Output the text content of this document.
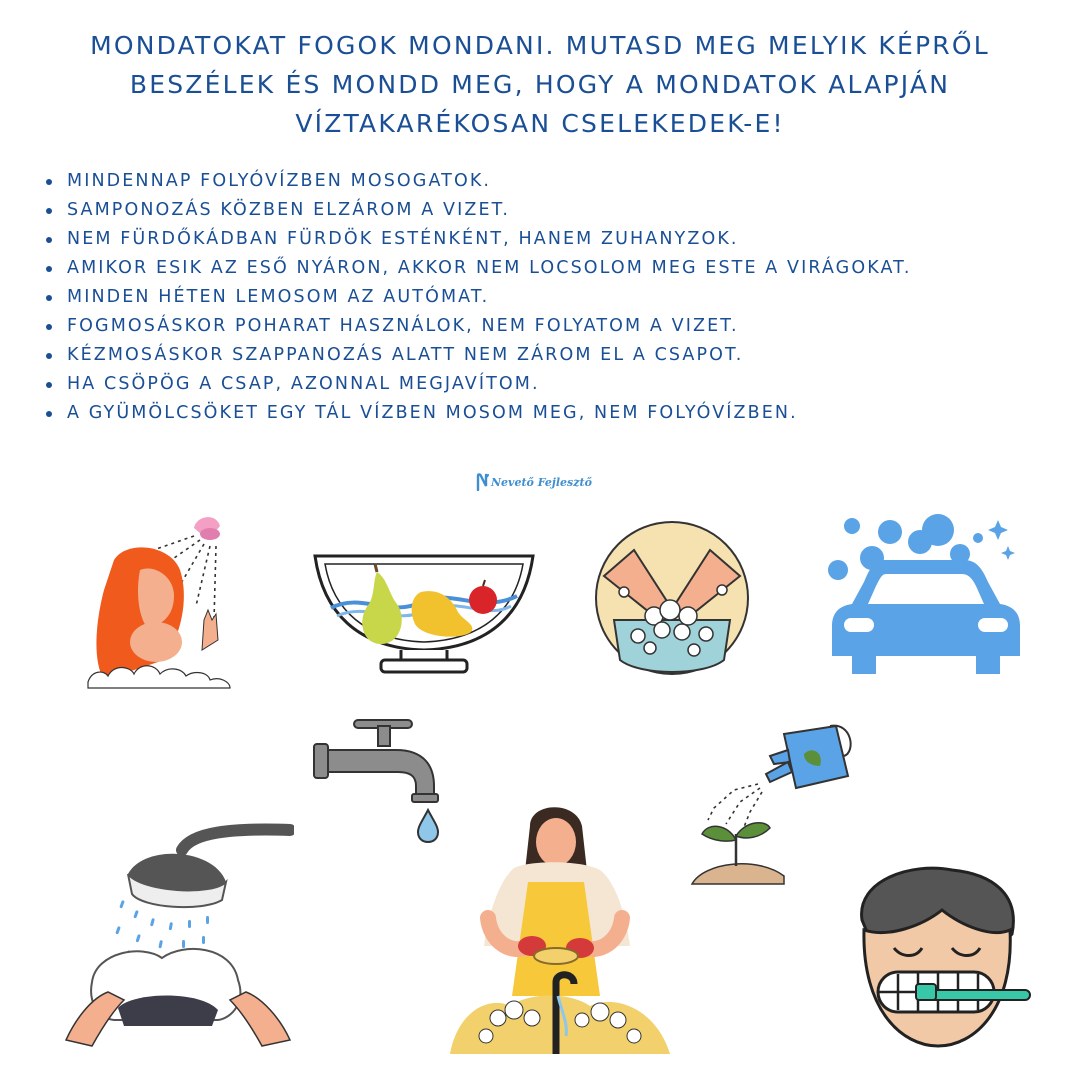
MONDATOKAT FOGOK MONDANI. MUTASD MEG MELYIK KÉPRŐL BESZÉLEK ÉS MONDD MEG, HOGY A MONDATOK ALAPJÁN VÍZTAKARÉKOSAN CSELEKEDEK-E!
MINDENNAP FOLYÓVÍZBEN MOSOGATOK.
SAMPONOZÁS KÖZBEN ELZÁROM A VIZET.
NEM FÜRDŐKÁDBAN FÜRDÖK ESTÉNKÉNT, HANEM ZUHANYZOK.
AMIKOR ESIK AZ ESŐ NYÁRON, AKKOR NEM LOCSOLOM MEG ESTE A VIRÁGOKAT.
MINDEN HÉTEN LEMOSOM AZ AUTÓMAT.
FOGMOSÁSKOR POHARAT HASZNÁLOK, NEM FOLYATOM A VIZET.
KÉZMOSÁSKOR SZAPPANOZÁS ALATT NEM ZÁROM EL A CSAPOT.
HA CSÖPÖG A CSAP, AZONNAL MEGJAVÍTOM.
A GYÜMÖLCSÖKET EGY TÁL VÍZBEN MOSOM MEG, NEM FOLYÓVÍZBEN.
Nevető Fejlesztő
